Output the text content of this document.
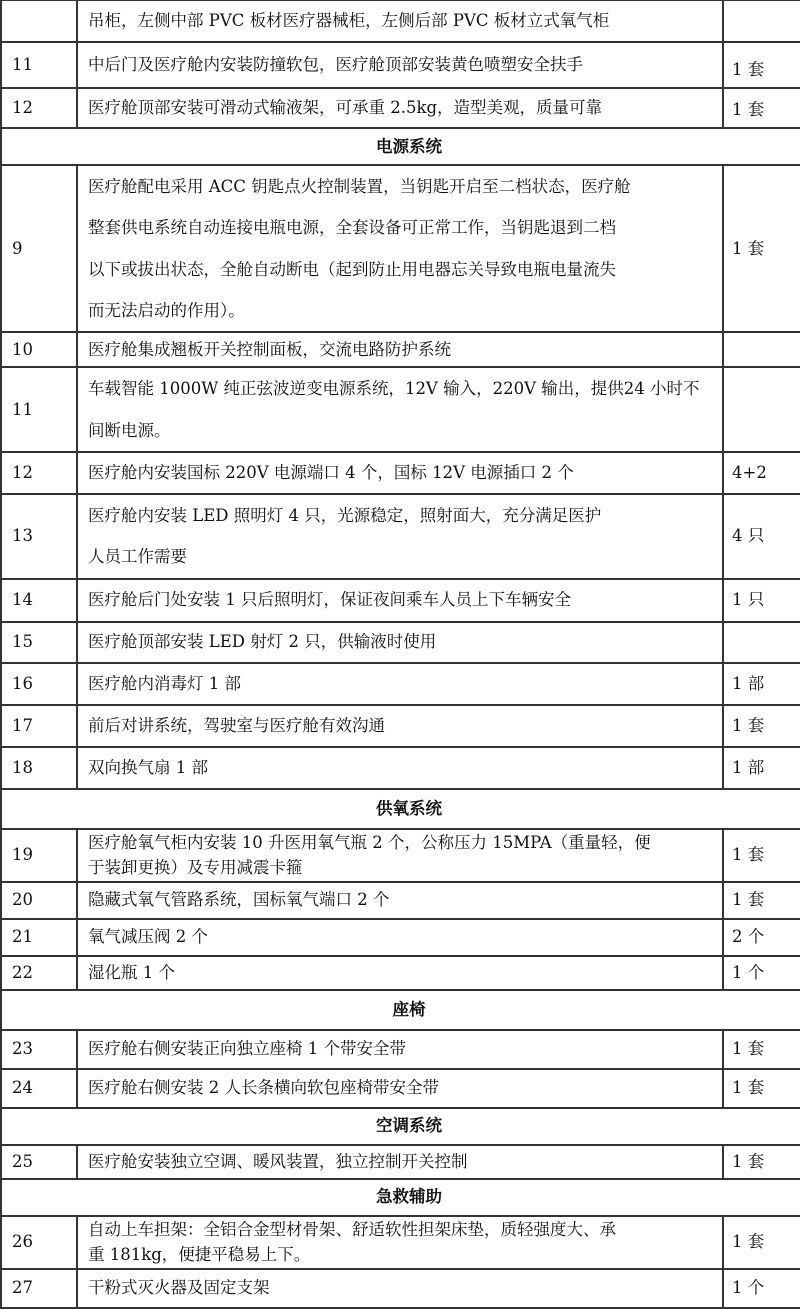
	吊柜，左侧中部 PVC 板材医疗器械柜，左侧后部 PVC 板材立式氧气柜	

11	中后门及医疗舱内安装防撞软包，医疗舱顶部安装黄色喷塑安全扶手	1 套
12	医疗舱顶部安装可滑动式输液架，可承重 2.5kg，造型美观，质量可靠	1 套
电源系统		
9	医疗舱配电采用 ACC 钥匙点火控制装置，当钥匙开启至二档状态，医疗舱
整套供电系统自动连接电瓶电源，全套设备可正常工作，当钥匙退到二档
以下或拔出状态，全舱自动断电（起到防止用电器忘关导致电瓶电量流失
而无法启动的作用）。	1 套
10	医疗舱集成翘板开关控制面板，交流电路防护系统	

11	车载智能 1000W 纯正弦波逆变电源系统，12V 输入，220V 输出，提供24 小时不
间断电源。	

12	医疗舱内安装国标 220V 电源端口 4 个，国标 12V 电源插口 2 个	4+2
13	医疗舱内安装 LED 照明灯 4 只，光源稳定，照射面大，充分满足医护
人员工作需要	4 只
14	医疗舱后门处安装 1 只后照明灯，保证夜间乘车人员上下车辆安全	1 只
15	医疗舱顶部安装 LED 射灯 2 只，供输液时使用	

16	医疗舱内消毒灯 1 部	1 部
17	前后对讲系统，驾驶室与医疗舱有效沟通	1 套
18	双向换气扇 1 部	1 部
供氧系统		
19	医疗舱氧气柜内安装 10 升医用氧气瓶 2 个，公称压力 15MPA（重量轻，便
于装卸更换）及专用减震卡箍	1 套
20	隐藏式氧气管路系统，国标氧气端口 2 个	1 套
21	氧气减压阀 2 个	2 个
22	湿化瓶 1 个	1 个
座椅		
23	医疗舱右侧安装正向独立座椅 1 个带安全带	1 套
24	医疗舱右侧安装 2 人长条横向软包座椅带安全带	1 套
空调系统		
25	医疗舱安装独立空调、暖风装置，独立控制开关控制	1 套
急救辅助		
26	自动上车担架：全铝合金型材骨架、舒适软性担架床垫，质轻强度大、承
重 181kg，便捷平稳易上下。	1 套
27	干粉式灭火器及固定支架	1 个
